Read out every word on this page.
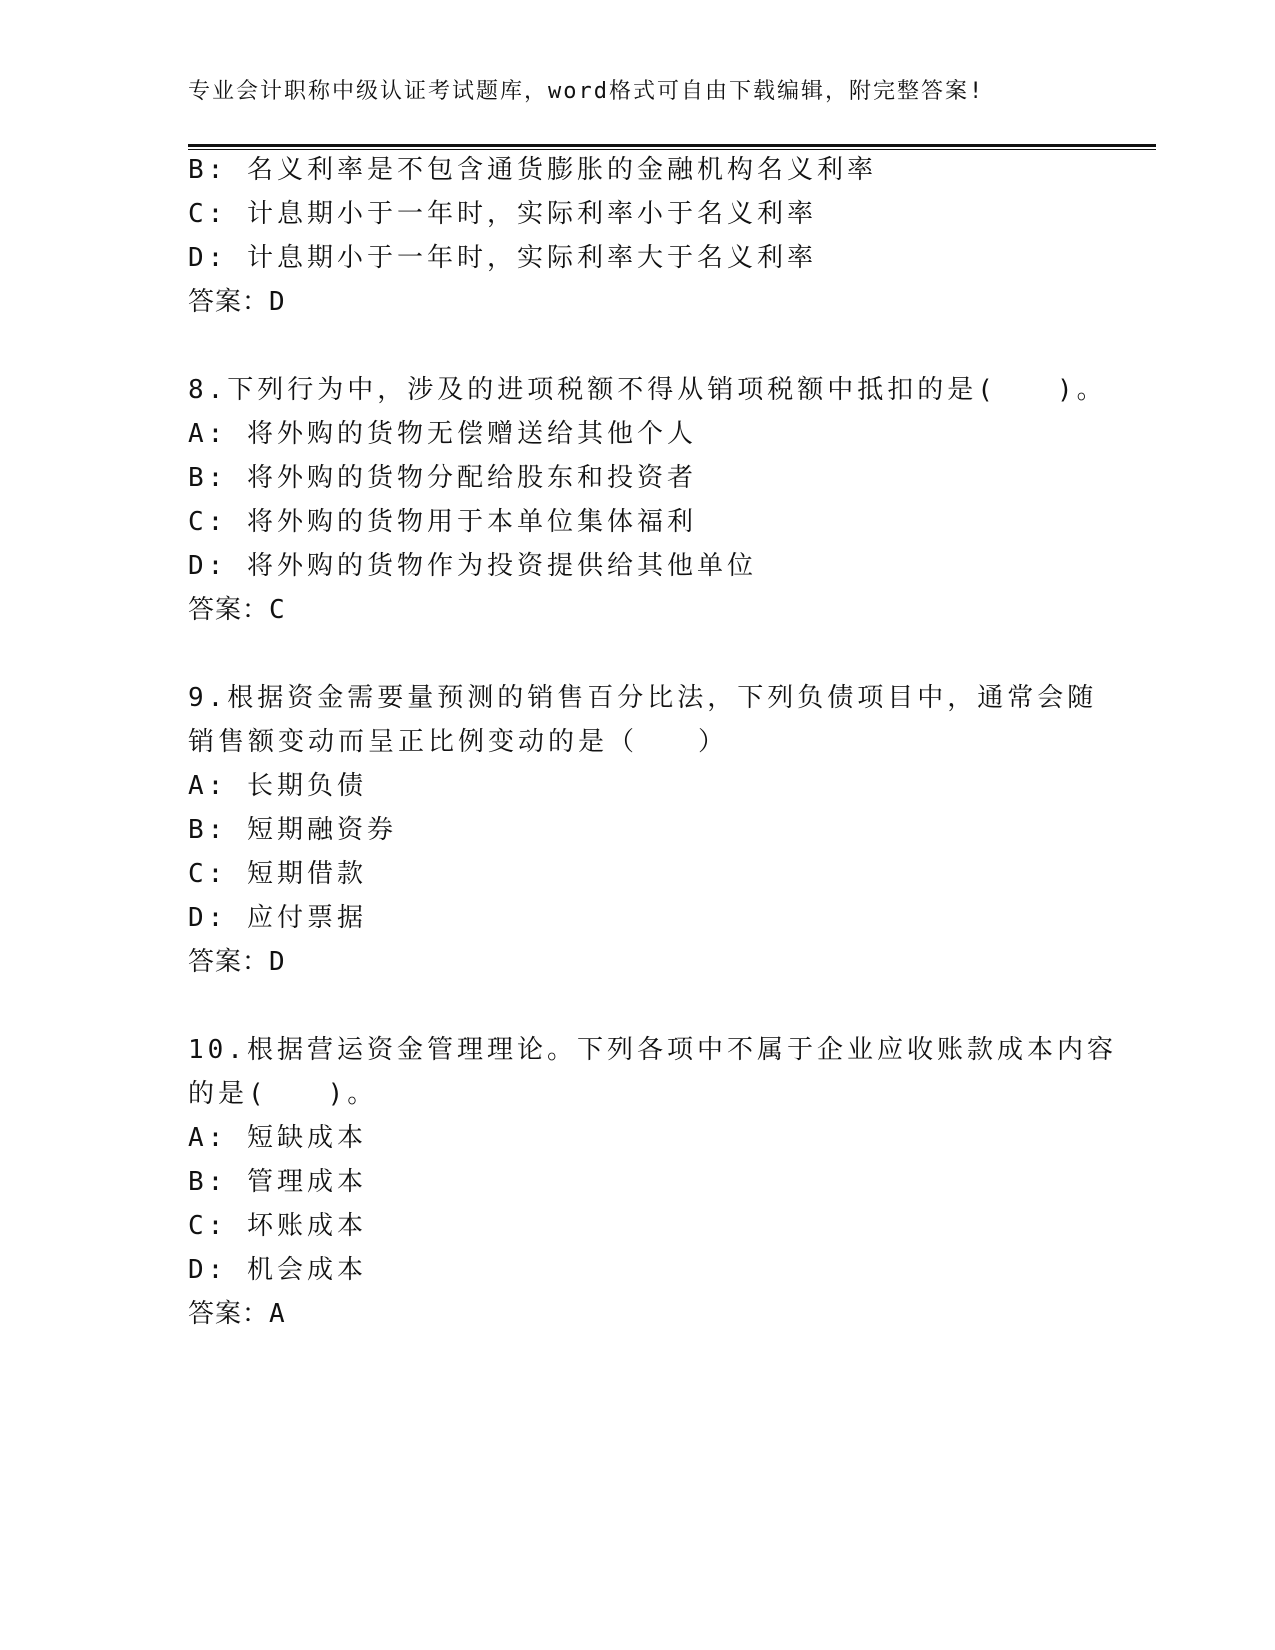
专业会计职称中级认证考试题库，word格式可自由下载编辑，附完整答案!
B: 名义利率是不包含通货膨胀的金融机构名义利率
C: 计息期小于一年时，实际利率小于名义利率
D: 计息期小于一年时，实际利率大于名义利率
答案：D
8.下列行为中，涉及的进项税额不得从销项税额中抵扣的是(　　)。
A: 将外购的货物无偿赠送给其他个人
B: 将外购的货物分配给股东和投资者
C: 将外购的货物用于本单位集体福利
D: 将外购的货物作为投资提供给其他单位
答案：C
9.根据资金需要量预测的销售百分比法，下列负债项目中，通常会随
销售额变动而呈正比例变动的是（　　）
A: 长期负债
B: 短期融资券
C: 短期借款
D: 应付票据
答案：D
10.根据营运资金管理理论。下列各项中不属于企业应收账款成本内容
的是(　　)。
A: 短缺成本
B: 管理成本
C: 坏账成本
D: 机会成本
答案：A
